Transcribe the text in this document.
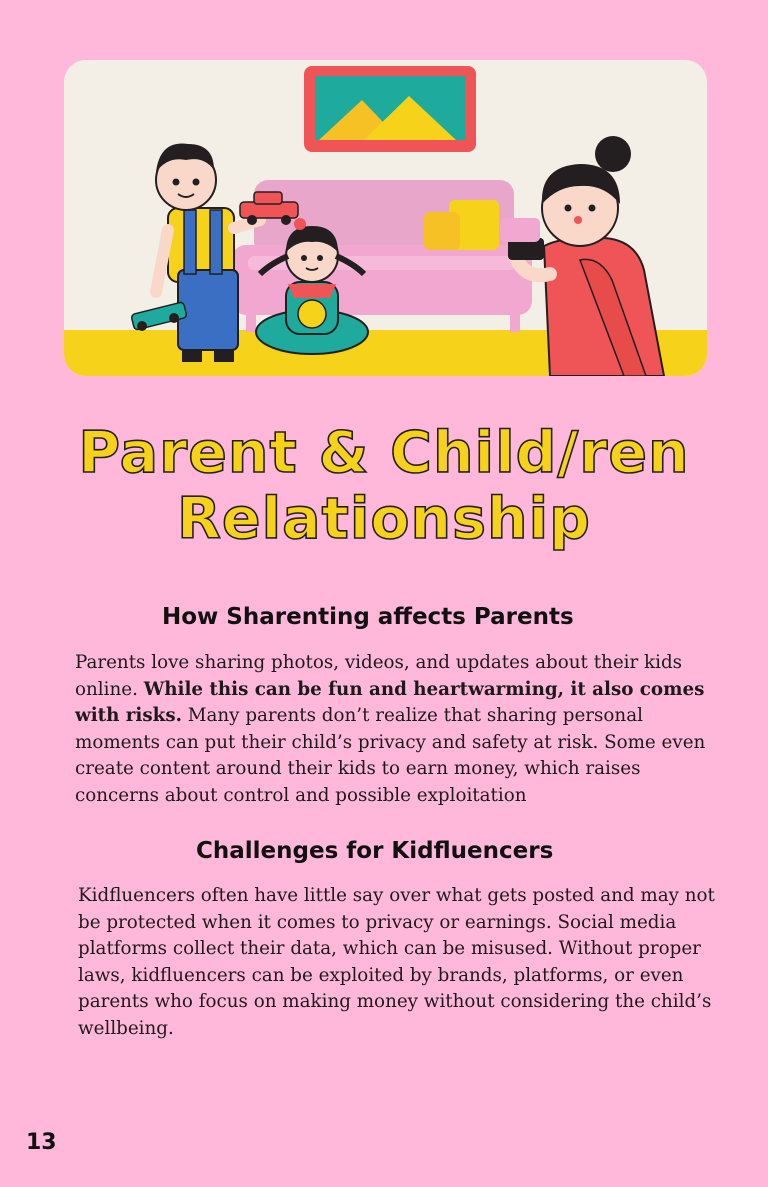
Parent & Child/ren Relationship
How Sharenting affects Parents

Parents love sharing photos, videos, and updates about their kids online. While this can be fun and heartwarming, it also comes with risks. Many parents don’t realize that sharing personal moments can put their child’s privacy and safety at risk. Some even create content around their kids to earn money, which raises concerns about control and possible exploitation

Challenges for Kidfluencers

Kidfluencers often have little say over what gets posted and may not be protected when it comes to privacy or earnings. Social media platforms collect their data, which can be misused. Without proper laws, kidfluencers can be exploited by brands, platforms, or even parents who focus on making money without considering the child’s wellbeing.

13
